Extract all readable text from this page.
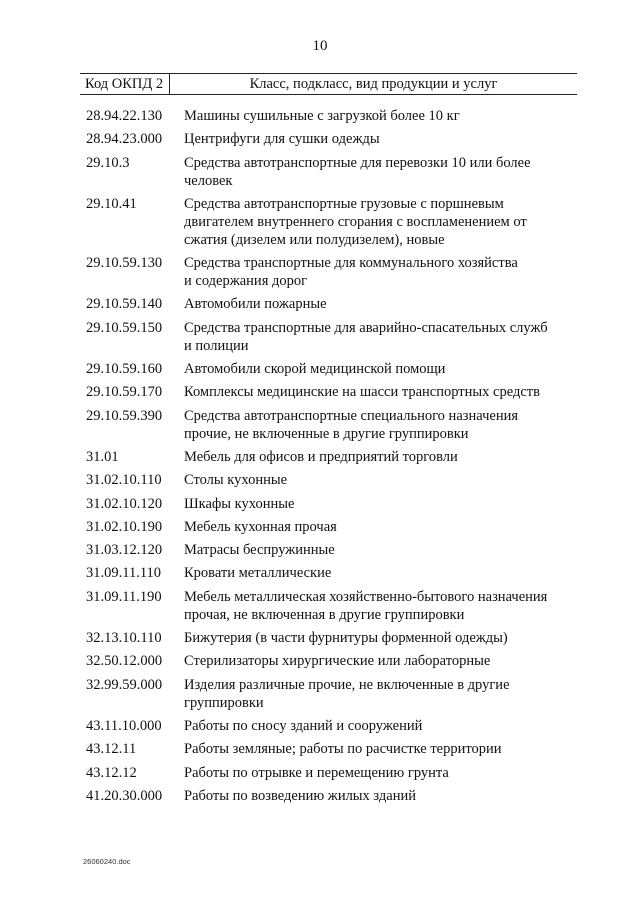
10
Код ОКПД 2	Класс, подкласс, вид продукции и услуг
28.94.22.130	Машины сушильные с загрузкой более 10 кг
28.94.23.000	Центрифуги для сушки одежды
29.10.3	Средства автотранспортные для перевозки 10 или более
человек
29.10.41	Средства автотранспортные грузовые с поршневым
двигателем внутреннего сгорания с воспламенением от
сжатия (дизелем или полудизелем), новые
29.10.59.130	Средства транспортные для коммунального хозяйства
и содержания дорог
29.10.59.140	Автомобили пожарные
29.10.59.150	Средства транспортные для аварийно-спасательных служб
и полиции
29.10.59.160	Автомобили скорой медицинской помощи
29.10.59.170	Комплексы медицинские на шасси транспортных средств
29.10.59.390	Средства автотранспортные специального назначения
прочие, не включенные в другие группировки
31.01	Мебель для офисов и предприятий торговли
31.02.10.110	Столы кухонные
31.02.10.120	Шкафы кухонные
31.02.10.190	Мебель кухонная прочая
31.03.12.120	Матрасы беспружинные
31.09.11.110	Кровати металлические
31.09.11.190	Мебель металлическая хозяйственно-бытового назначения
прочая, не включенная в другие группировки
32.13.10.110	Бижутерия (в части фурнитуры форменной одежды)
32.50.12.000	Стерилизаторы хирургические или лабораторные
32.99.59.000	Изделия различные прочие, не включенные в другие
группировки
43.11.10.000	Работы по сносу зданий и сооружений
43.12.11	Работы земляные; работы по расчистке территории
43.12.12	Работы по отрывке и перемещению грунта
41.20.30.000	Работы по возведению жилых зданий
26060240.doc
